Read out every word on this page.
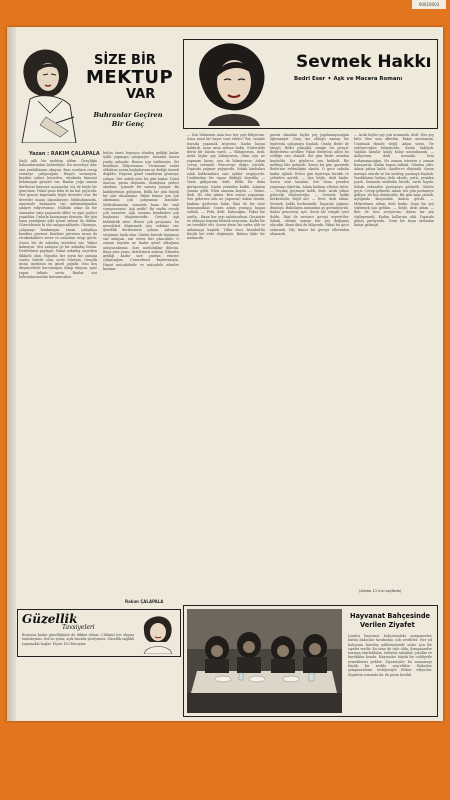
00010003
SİZE BİR
MEKTUP
VAR
Buhranlar Geçiren Bir Genç
Yazan : RAKIM ÇALAPALA
Saçlı adlı bir mektup aldım. Gençliğin buhranlarından bahsediyor. Bu meseleye dair size yazdıklarımı okuyun. Bazı sorulara cevap vermeye çalışacağım. Hayatı sevmeyen, kendini yalnız hisseden, etrafında kimseyi bulamayan gençler var. Bunlar çoğu zaman dertlerini kimseye açamazlar. Siz de böyle bir gençsiniz. Fakat şunu bilin ki bu hal geçicidir. Her gencin hayatında böyle devreler olur. Bu devreler insanı olgunlaştırır. Mektubunuzda, annenizle babanızın sizi anlamadığından şikâyet ediyorsunuz. Halbuki onlar da bir zamanlar sizin yaşınızda idiler ve aynı şeyleri yaşadılar. Onlarla konuşmayı deneyin. Bir gün bana yazdığınız gibi içinizi onlara da dökün. Göreceksiniz ki sizi anlayacaklardır. Okumayı, çalışmayı bırakmayın. İnsan çalıştıkça kendine güvenir. Kendine güvenen insan da etrafındakileri sever ve onlardan sevgi görür. Sonra bir de arkadaş meselesi var. Yalnız kalmayın. Sizi anlayan iyi bir arkadaş bulun. Dertlerinizi paylaşın. Fakat arkadaş seçerken dikkatli olun. Hayatta her şeyin bir zamanı vardır. Sabırlı olun, acele etmeyin. Gençlik insan ömrünün en güzel çağıdır. Onu boş düşüncelerle harcamayın. Kitap okuyun, spor yapın, tabiatı sevin. Bunlar sizi buhranlarınızdan kurtaracaktır.
bütün ömrü boyunca elinden geldiği kadar iyilik yapmaya çalışmıştır. İnsanlar bazen yanlış anlaşılır. Bunun için üzülmeyin. Siz kendinizi biliyorsunuz. Vicdanınız rahat olduktan sonra başkalarının ne dediği önemli değildir. Hayatın güzel taraflarını görmeye çalışın. Her sabah yeni bir gün başlar. Dünü unutun, yarını düşünün. Yazdığınız şiirleri okudum. İçinizde bir sanatçı yatıyor. Bu kabiliyetinizi geliştirin. Belki bir gün büyük bir şair olacaksınız. Fakat bunun için çok okumanız, çok çalışmanız lazımdır. Mektubunuzun sonunda bana bir sual soruyorsunuz: Aşk nedir? Bu sualin cevabı çok uzundur. Aşk, insanın kendinden çok başkasını düşünmesidir. Gerçek aşk fedakârlık ister. Henüz çok gençsiniz, bu meseleleri düşünmek için vaktiniz var. Şimdilik derslerinize çalışın. Ailenizin sevgisine layık olun. Günün birinde karşınıza sizi anlayan, sizi seven biri çıkacaktır. O zaman hayatın ne kadar güzel olduğunu anlayacaksınız. Size mutluluklar dilerim. Bana yine yazın, dertlerinizi anlatın. Elimden geldiği kadar size yardım etmeye çalışacağım. Cesaretinizi kaybetmeyin. Hayat mücadeledir ve mücadele edenler kazanır.
Rakım ÇALAPALA
Güzellik
Tavsiyeleri
Boyunuz kadar güzelliğinize de dikkat ediniz. Cildinizi her akşam temizleyiniz. Bol su içiniz, açık havada yürüyünüz. Güzellik sağlıklı yaşamakla başlar. Fiyatı 150 Kuruştur.
Sevmek Hakkı
Bedri Eser ✦ Aşk ve Macera Romanı
— Sen bilmezsin ama ben her şeyi biliyorum. Sana nasıl bir hayat vaat ettiler? Biz, seninle burada yaşamak istiyoruz. Kadın başını kaldırdı, uzun uzun adama baktı. Gözlerinde derin bir hüzün vardı. — Bilmiyorum, dedi. Artık hiçbir şey bilmiyorum. Sizin için ne yapmam lazım, onu da bilmiyorum. Adam cevap vermedi. Pencereye doğru yürüdü. Dışarıda yağmur yağıyordu. Sokak lambaları ıslak kaldırımlara sarı ışıklar serpiyordu. Uzaklardan bir vapur düdüğü duyuldu. — Yarın gidiyorum, dedi. Belki bir daha görüşemeyiz. Kadın yerinden kalktı. Adamın yanına geldi. Elini omzuna koydu. — Gitme, dedi. Ne olur gitme. Ben sensiz yapamam. Sen gidersen ben ne yaparım? Adam döndü, kadının gözlerine baktı. İkisi de bir süre konuşmadılar. Sonra adam yavaşça başını salladı. — Peki, dedi. Kalacağım. Fakat bir şartla... Bana her şeyi anlatacaksın. Geçmişte ne olduysa hepsini bilmek istiyorum. Kadın bir an tereddüt etti. Sonra derin bir nefes aldı ve anlatmaya başladı. Yıllar önce İstanbul'da küçük bir evde doğmuştu. Babası fakir bir memurdu.
parası olmadan hiçbir şey yapılamayacağını öğrenmişti. Genç kız olduğu zaman bir tiyatroda çalışmaya başladı. Orada Bedri ile tanıştı. Bedri yakışıklı, zengin bir gençti. Birbirlerini sevdiler. Fakat Bedri'nin ailesi bu evliliğe razı olmadı. Bir gün Bedri ortadan kayboldu. Kız günlerce onu bekledi. Bir mektup bile gelmedi. Sonra bir gün gazetede Bedri'nin evlendiğini okudu. O gece sabaha kadar ağladı. Ertesi gün tiyatroyu bıraktı ve şehirden ayrıldı. — İşte böyle, dedi kadın. Sonra seni tanıdım. Sen bana yeniden yaşamayı öğrettin. Adam kadının ellerini tuttu. — Geçmiş geçmişte kaldı, dedi. Artık yalnız geleceği düşüneceğiz. — Sevmek hakkı herkesindir, değil mi? — Evet, dedi adam. Sevmek hakkı herkesindir. Dışarıda yağmur dinmişti. Bulutların arasından ay görünüyordu. Kadın pencereyi açtı. Serin bir rüzgâr içeri doldu. İkisi de sessizce geceyi seyrettiler. Sabah olduğu zaman her şey değişmiş olacaktı. Bunu ikisi de biliyordu. Fakat bu gece onlarındı. Hiç kimse bu geceyi ellerinden alamazdı.
— Artık hiçbir şey yok aramızda, dedi. Her şey bitti. Ben seni affettim. Fakat unutamam. Unutmak elimde değil. Adam sustu. Ne söyleyeceğini bilmiyordu. Kadın haklıydı. Yapılan hatalar kolay kolay unutulmazdı. — Anlıyorum, dedi sonunda. Seni zorlamayacağım. Ne zaman istersen o zaman konuşuruz. Kadın başını salladı. Odadan çıktı. Adam yalnız kaldı. Saatlerce düşündü. Sonra masaya oturdu ve bir mektup yazmaya başladı. Yazdıklarını birkaç defa okudu, yırttı, yeniden yazdı. Sonunda mektubu bitirdi, zarfa koydu. Sabah erkenden postaneye götürdü. Günler geçti. Cevap gelmedi. Adam her gün postaneye gidiyor, eli boş dönüyordu. Bir gün kapı çalındı. Açtığında karşısında kadını gördü. — Mektubunu aldım, dedi kadın. Sana bir şey söylemek için geldim. — Söyle, dedi adam. — Ben de seni seviyorum. Adam bir şey söyleyemedi. Kadını kollarına aldı. Dışarıda güneş parlıyordu. Uzun bir kışın ardından bahar gelmişti.
(Arkası 11 inci sayfada)
Hayvanat Bahçesinde
Verilen Ziyafet
Londra hayvanat bahçesindeki şempanzeler, bütün bakıcılar tarafından çok sevilirler. Her yıl bahçenin kuruluş yıldönümünde onlar için bir ziyafet verilir. Bu sene de öyle oldu. Şempanzeler masaya oturtuldular, önlerine tabaklar, çatallar ve bardaklar kondu. Hayvanlar büyük bir ciddiyetle yemeklerini yediler. Ziyaretçiler bu manzarayı büyük bir zevkle seyrettiler. Bakıcılar şempanzelerin terbiyesiyle iftihar ediyorlar. Ziyafetin sonunda bir de pasta kesildi.
